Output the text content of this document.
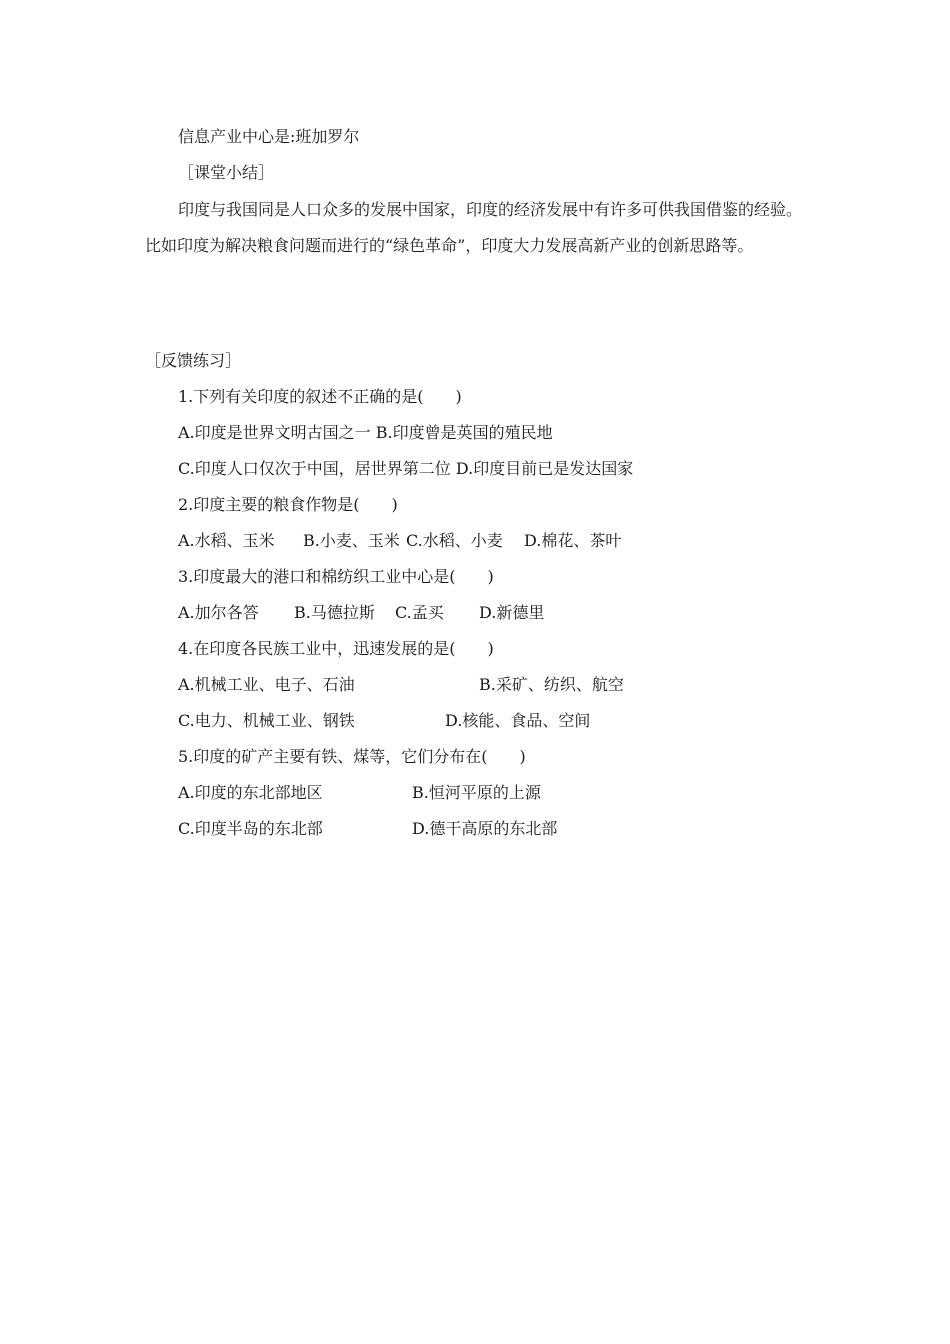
信息产业中心是:班加罗尔
［课堂小结］
印度与我国同是人口众多的发展中国家，印度的经济发展中有许多可供我国借鉴的经验。比如印度为解决粮食问题而进行的“绿色革命”，印度大力发展高新产业的创新思路等。
［反馈练习］
1.下列有关印度的叙述不正确的是(　　)
A.印度是世界文明古国之一 B.印度曾是英国的殖民地
C.印度人口仅次于中国，居世界第二位 D.印度目前已是发达国家
2.印度主要的粮食作物是(　　)
A.水稻、玉米 B.小麦、玉米 C.水稻、小麦 D.棉花、茶叶
3.印度最大的港口和棉纺织工业中心是(　　)
A.加尔各答 B.马德拉斯 C.孟买 D.新德里
4.在印度各民族工业中，迅速发展的是(　　)
A.机械工业、电子、石油	B.采矿、纺织、航空
C.电力、机械工业、钢铁	D.核能、食品、空间
5.印度的矿产主要有铁、煤等，它们分布在(　　)
A.印度的东北部地区	B.恒河平原的上源
C.印度半岛的东北部	D.德干高原的东北部
